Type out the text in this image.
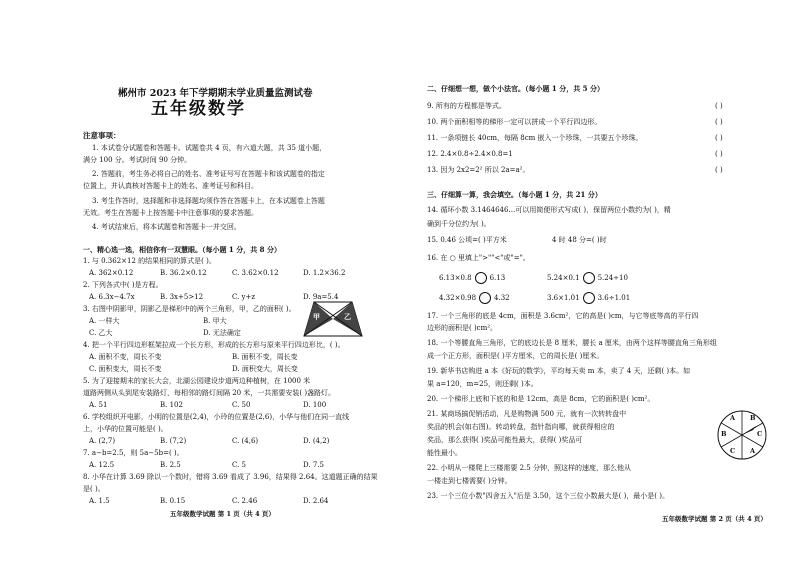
郴州市 2023 年下学期期末学业质量监测试卷
五年级数学
注意事项：
1. 本试卷分试题卷和答题卡。试题卷共 4 页，有六道大题，共 35 道小题，
满分 100 分。考试时间 90 分钟。
2. 答题前，考生务必将自己的姓名、准考证号写在答题卡和该试题卷的指定
位置上，并认真核对答题卡上的姓名、准考证号和科目。
3. 考生作答时，选择题和非选择题均须作答在答题卡上，在本试题卷上答题
无效。考生在答题卡上按答题卡中注意事项的要求答题。
4. 考试结束后，将本试题卷和答题卡一并交回。
一、精心选一选，相信你有一双慧眼。（每小题 1 分，共 8 分）
1. 与 0.362×12 的结果相同的算式是( )。
A. 362×0.12	B. 36.2×0.12	C. 3.62×0.12	D. 1.2×36.2
2. 下列各式中( )是方程。
A. 6.3x−4.7x	B. 3x+5>12	C. y+z	D. 9a=5.4
3. 右图中阴影甲，阴影乙是梯形中的两个三角形，甲，乙的面积( )。
A. 一样大	B. 甲大
C. 乙大	D. 无法确定
甲	乙
4. 把一个平行四边形框架拉成一个长方形，形成的长方形与原来平行四边形比，( )。
A. 面积不变，周长不变	B. 面积不变，周长变
C. 面积变大，周长不变	D. 面积变大，周长变
5. 为了迎接期末的家长大会，北湖公园建设步道两边种植树，在 1000 米
道路两侧从头到尾安装路灯，每相邻的路灯间隔 20 米，一共需要安装( )盏路灯。
A. 51	B. 102	C. 50	D. 100
6. 学校组织开电影，小明的位置是(2,4)，小玲的位置是(2,6)，小华与他们在同一直线
上，小华的位置可能是( )。
A. (2,7)	B. (7,2)	C. (4,6)	D. (4,2)
7. a−b=2.5，则 5a−5b=( )。
A. 12.5	B. 2.5	C. 5	D. 7.5
8. 小华在计算 3.69 除以一个数时，错将 3.69 看成了 3.96，结果得 2.64。这道题正确的结果
是( )。
A. 1.5	B. 0.15	C. 2.46	D. 2.64
五年级数学试题 第 1 页（共 4 页）
二、仔细想一想，做个小法官。（每小题 1 分，共 5 分）
9. 所有的方程都是等式。	( )
10. 两个面积相等的梯形一定可以拼成一个平行四边形。	( )
11. 一条项链长 40cm，每隔 8cm 嵌入一个珍珠，一共要五个珍珠。	( )
12. 2.4×0.8÷2.4×0.8=1	( )
13. 因为 2x2=2² 所以 2a=a²。	( )
三、仔细算一算，我会填空。（每小题 1 分，共 21 分）
14. 循环小数 3.1464646…可以用简便形式写成( )，保留两位小数约为( )，精
确到千分位约为( )。
15. 0.46 公顷=( )平方米	4 时 48 分=( )时
16. 在 ○ 里填上">""<"或"="。
6.13×0.8	6.13	5.24×0.1	5.24÷10
4.32×0.98	4.32	3.6×1.01	3.6÷1.01
17. 一个三角形的底是 4cm，面积是 3.6cm²，它的高是( )cm，与它等底等高的平行四
边形的面积是( )cm²。
18. 一个等腰直角三角形，它的底边长是 8 厘米，腰长 a 厘米，由两个这样等腰直角三角形组
成一个正方形，面积是( )平方厘米，它的周长是( )厘米。
19. 新华书店购进 a 本《好玩的数学》，平均每天卖 m 本，卖了 4 天，还剩( )本。如
果 a=120，m=25，则还剩( )本。
20. 一个梯形上底和下底的和是 12cm，高是 8cm，它的面积是( )cm²。
21. 某商场搞促销活动，凡是购物满 500 元，就有一次转转盘中
奖品的机会(如右图)。转动转盘，指针指向哪，就获得相应的
奖品，那么获得( )奖品可能性最大，获得( )奖品可
能性最小。
A B
C
A
C
B
22. 小明从一楼爬上三楼需要 2.5 分钟，照这样的速度，那么他从
一楼走到七楼需要( )分钟。
23. 一个三位小数"四舍五入"后是 3.50，这个三位小数最大是( )，最小是( )。
五年级数学试题 第 2 页（共 4 页）
